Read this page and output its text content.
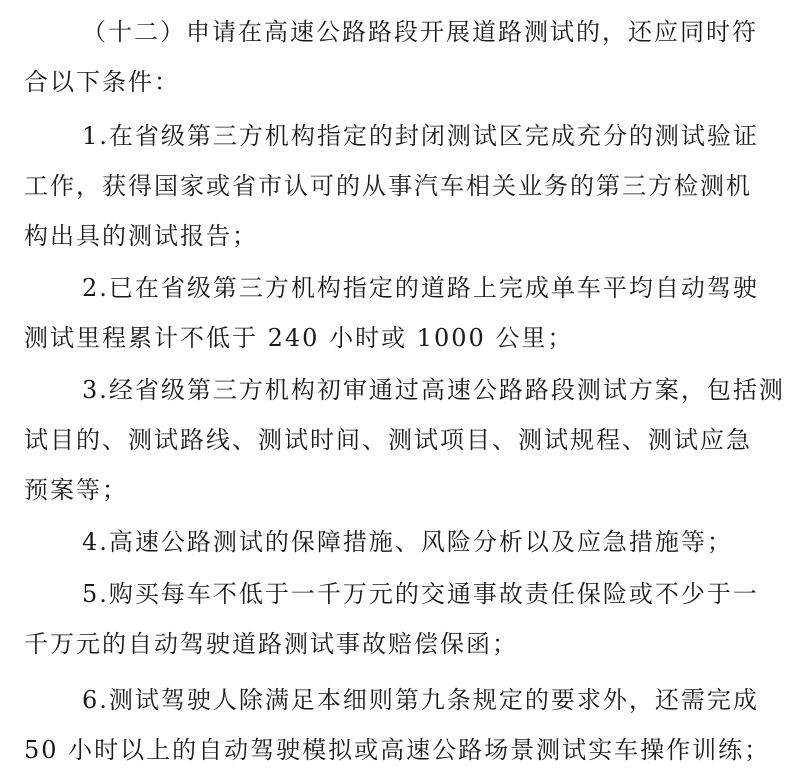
（十二）申请在高速公路路段开展道路测试的，还应同时符
合以下条件：
1.在省级第三方机构指定的封闭测试区完成充分的测试验证
工作，获得国家或省市认可的从事汽车相关业务的第三方检测机
构出具的测试报告；
2.已在省级第三方机构指定的道路上完成单车平均自动驾驶
测试里程累计不低于 240 小时或 1000 公里；
3.经省级第三方机构初审通过高速公路路段测试方案，包括测
试目的、测试路线、测试时间、测试项目、测试规程、测试应急
预案等；
4.高速公路测试的保障措施、风险分析以及应急措施等；
5.购买每车不低于一千万元的交通事故责任保险或不少于一
千万元的自动驾驶道路测试事故赔偿保函；
6.测试驾驶人除满足本细则第九条规定的要求外，还需完成
50 小时以上的自动驾驶模拟或高速公路场景测试实车操作训练；
